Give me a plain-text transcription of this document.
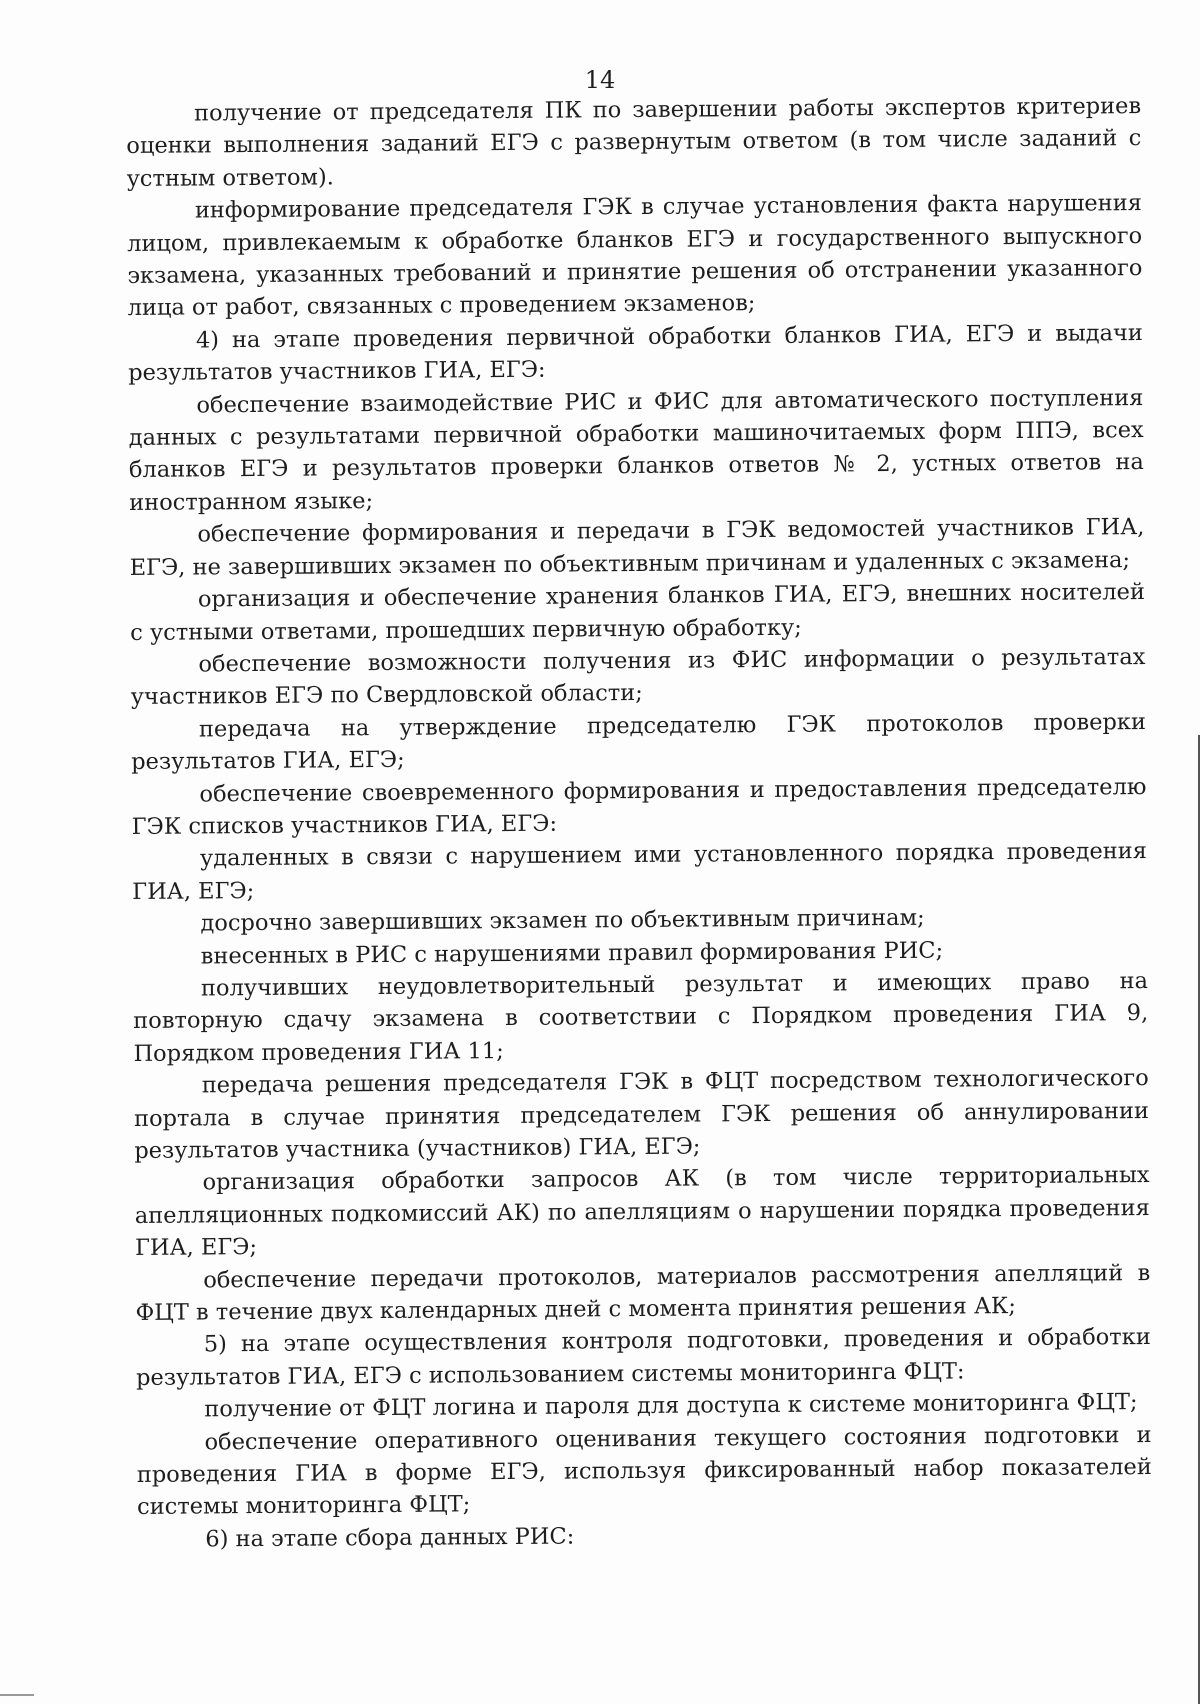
14

получение от председателя ПК по завершении работы экспертов критериев оценки выполнения заданий ЕГЭ с развернутым ответом (в том числе заданий с устным ответом).

информирование председателя ГЭК в случае установления факта нарушения лицом, привлекаемым к обработке бланков ЕГЭ и государственного выпускного экзамена, указанных требований и принятие решения об отстранении указанного лица от работ, связанных с проведением экзаменов;

4) на этапе проведения первичной обработки бланков ГИА, ЕГЭ и выдачи результатов участников ГИА, ЕГЭ:

обеспечение взаимодействие РИС и ФИС для автоматического поступления данных с результатами первичной обработки машиночитаемых форм ППЭ, всех бланков ЕГЭ и результатов проверки бланков ответов № 2, устных ответов на иностранном языке;

обеспечение формирования и передачи в ГЭК ведомостей участников ГИА, ЕГЭ, не завершивших экзамен по объективным причинам и удаленных с экзамена;

организация и обеспечение хранения бланков ГИА, ЕГЭ, внешних носителей с устными ответами, прошедших первичную обработку;

обеспечение возможности получения из ФИС информации о результатах участников ЕГЭ по Свердловской области;

передача на утверждение председателю ГЭК протоколов проверки результатов ГИА, ЕГЭ;

обеспечение своевременного формирования и предоставления председателю ГЭК списков участников ГИА, ЕГЭ:

удаленных в связи с нарушением ими установленного порядка проведения ГИА, ЕГЭ;

досрочно завершивших экзамен по объективным причинам;

внесенных в РИС с нарушениями правил формирования РИС;

получивших неудовлетворительный результат и имеющих право на повторную сдачу экзамена в соответствии с Порядком проведения ГИА 9, Порядком проведения ГИА 11;

передача решения председателя ГЭК в ФЦТ посредством технологического портала в случае принятия председателем ГЭК решения об аннулировании результатов участника (участников) ГИА, ЕГЭ;

организация обработки запросов АК (в том числе территориальных апелляционных подкомиссий АК) по апелляциям о нарушении порядка проведения ГИА, ЕГЭ;

обеспечение передачи протоколов, материалов рассмотрения апелляций в ФЦТ в течение двух календарных дней с момента принятия решения АК;

5) на этапе осуществления контроля подготовки, проведения и обработки результатов ГИА, ЕГЭ с использованием системы мониторинга ФЦТ:

получение от ФЦТ логина и пароля для доступа к системе мониторинга ФЦТ;

обеспечение оперативного оценивания текущего состояния подготовки и проведения ГИА в форме ЕГЭ, используя фиксированный набор показателей системы мониторинга ФЦТ;

6) на этапе сбора данных РИС:
